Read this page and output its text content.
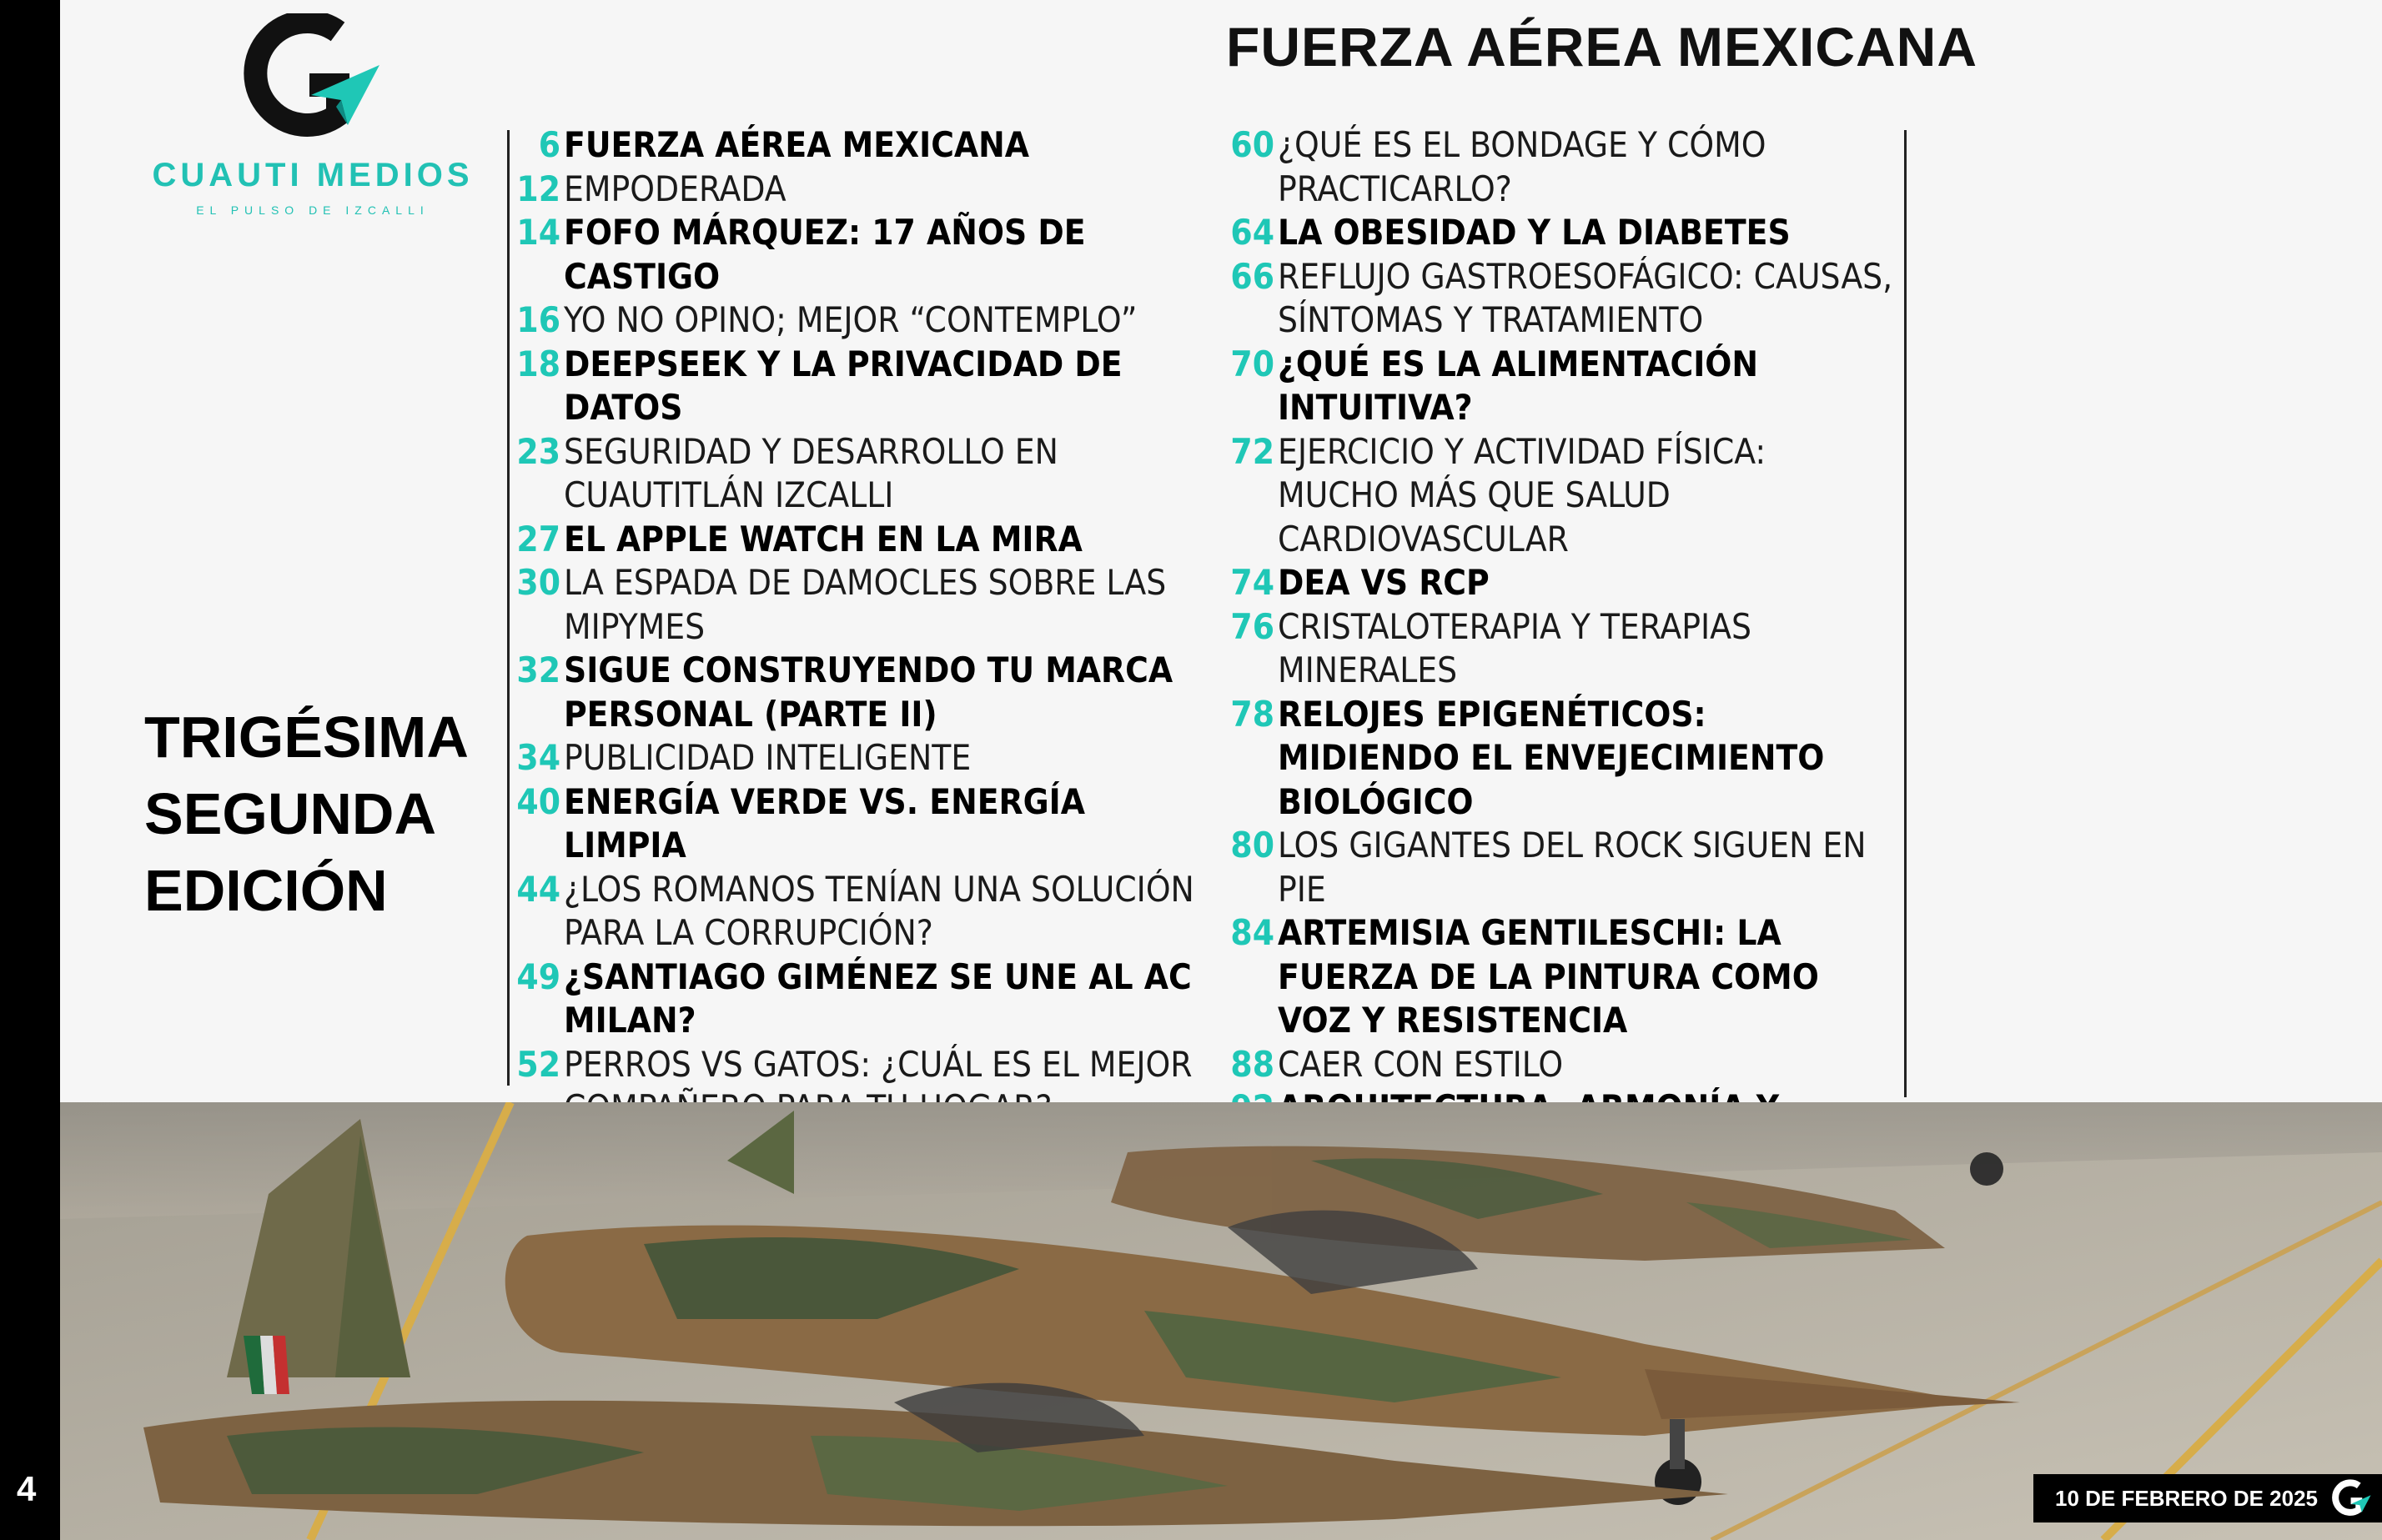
4
CUAUTI MEDIOS
EL PULSO DE IZCALLI
FUERZA AÉREA MEXICANA
TRIGÉSIMA
SEGUNDA
EDICIÓN
6 FUERZA AÉREA MEXICANA
12 EMPODERADA
14 FOFO MÁRQUEZ: 17 AÑOS DE CASTIGO
16 YO NO OPINO; MEJOR “CONTEMPLO”
18 DEEPSEEK Y LA PRIVACIDAD DE DATOS
23 SEGURIDAD Y DESARROLLO EN CUAUTITLÁN IZCALLI
27 EL APPLE WATCH EN LA MIRA
30 LA ESPADA DE DAMOCLES SOBRE LAS MIPYMES
32 SIGUE CONSTRUYENDO TU MARCA PERSONAL (PARTE II)
34 PUBLICIDAD INTELIGENTE
40 ENERGÍA VERDE VS. ENERGÍA LIMPIA
44 ¿LOS ROMANOS TENÍAN UNA SOLUCIÓN PARA LA CORRUPCIÓN?
49 ¿SANTIAGO GIMÉNEZ SE UNE AL AC MILAN?
52 PERROS VS GATOS: ¿CUÁL ES EL MEJOR
60 ¿QUÉ ES EL BONDAGE Y CÓMO PRACTICARLO?
64 LA OBESIDAD Y LA DIABETES
66 REFLUJO GASTROESOFÁGICO: CAUSAS, SÍNTOMAS Y TRATAMIENTO
70 ¿QUÉ ES LA ALIMENTACIÓN INTUITIVA?
72 EJERCICIO Y ACTIVIDAD FÍSICA: MUCHO MÁS QUE SALUD CARDIOVASCULAR
74 DEA VS RCP
76 CRISTALOTERAPIA Y TERAPIAS MINERALES
78 RELOJES EPIGENÉTICOS: MIDIENDO EL ENVEJECIMIENTO BIOLÓGICO
80 LOS GIGANTES DEL ROCK SIGUEN EN PIE
84 ARTEMISIA GENTILESCHI: LA FUERZA DE LA PINTURA COMO VOZ Y RESISTENCIA
88 CAER CON ESTILO
10 DE FEBRERO DE 2025
